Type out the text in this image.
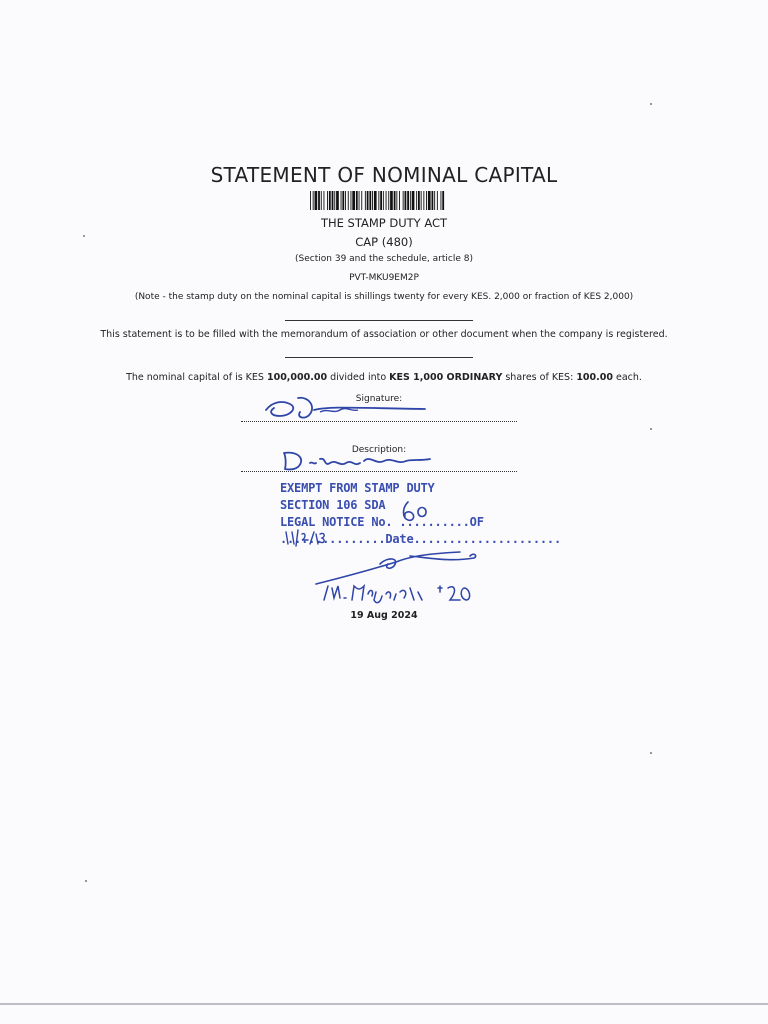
STATEMENT OF NOMINAL CAPITAL
THE STAMP DUTY ACT
CAP (480)
(Section 39 and the schedule, article 8)
PVT-MKU9EM2P
(Note - the stamp duty on the nominal capital is shillings twenty for every KES. 2,000 or fraction of KES 2,000)
This statement is to be filled with the memorandum of association or other document when the company is registered.
The nominal capital of is KES 100,000.00 divided into KES 1,000 ORDINARY shares of KES: 100.00 each.
Signature:
Description:
EXEMPT FROM STAMP DUTY
SECTION 106 SDA
LEGAL NOTICE No. ..........OF
...............Date.....................
19 Aug 2024
